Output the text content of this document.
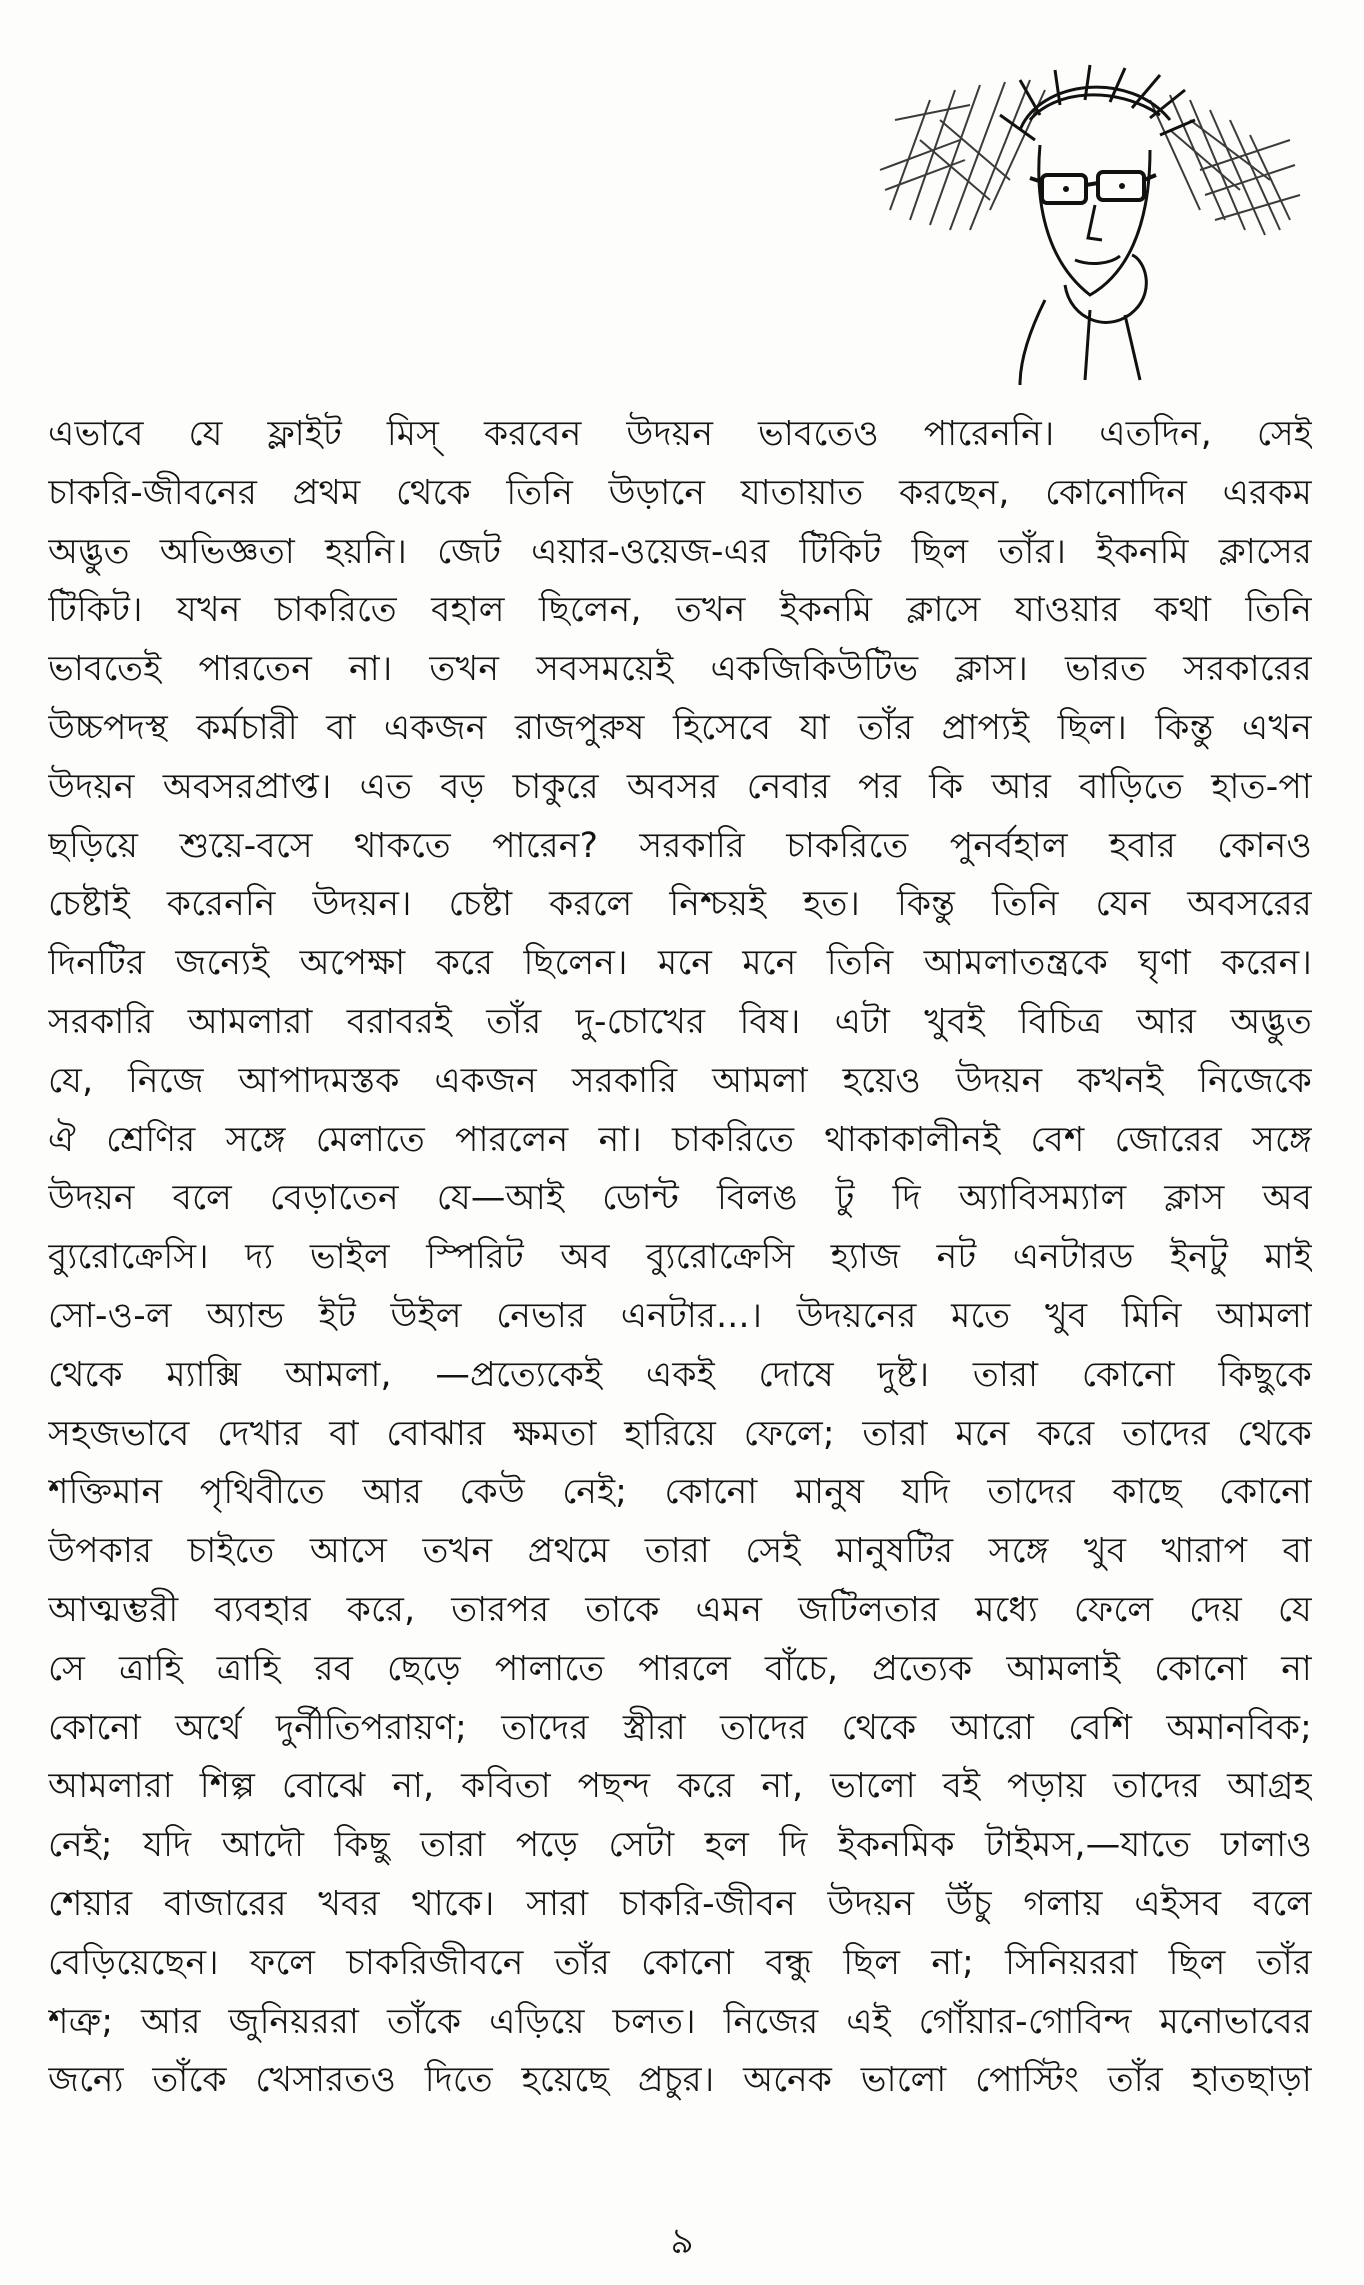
এভাবে যে ফ্লাইট মিস্ করবেন উদয়ন ভাবতেও পারেননি। এতদিন, সেই
চাকরি-জীবনের প্রথম থেকে তিনি উড়ানে যাতায়াত করছেন, কোনোদিন এরকম
অদ্ভুত অভিজ্ঞতা হয়নি। জেট এয়ার-ওয়েজ-এর টিকিট ছিল তাঁর। ইকনমি ক্লাসের
টিকিট। যখন চাকরিতে বহাল ছিলেন, তখন ইকনমি ক্লাসে যাওয়ার কথা তিনি
ভাবতেই পারতেন না। তখন সবসময়েই একজিকিউটিভ ক্লাস। ভারত সরকারের
উচ্চপদস্থ কর্মচারী বা একজন রাজপুরুষ হিসেবে যা তাঁর প্রাপ্যই ছিল। কিন্তু এখন
উদয়ন অবসরপ্রাপ্ত। এত বড় চাকুরে অবসর নেবার পর কি আর বাড়িতে হাত-পা
ছড়িয়ে শুয়ে-বসে থাকতে পারেন? সরকারি চাকরিতে পুনর্বহাল হবার কোনও
চেষ্টাই করেননি উদয়ন। চেষ্টা করলে নিশ্চয়ই হত। কিন্তু তিনি যেন অবসরের
দিনটির জন্যেই অপেক্ষা করে ছিলেন। মনে মনে তিনি আমলাতন্ত্রকে ঘৃণা করেন।
সরকারি আমলারা বরাবরই তাঁর দু-চোখের বিষ। এটা খুবই বিচিত্র আর অদ্ভুত
যে, নিজে আপাদমস্তক একজন সরকারি আমলা হয়েও উদয়ন কখনই নিজেকে
ঐ শ্রেণির সঙ্গে মেলাতে পারলেন না। চাকরিতে থাকাকালীনই বেশ জোরের সঙ্গে
উদয়ন বলে বেড়াতেন যে—আই ডোন্ট বিলঙ টু দি অ্যাবিসম্যাল ক্লাস অব
ব্যুরোক্রেসি। দ্য ভাইল স্পিরিট অব ব্যুরোক্রেসি হ্যাজ নট এনটারড ইনটু মাই
সো-ও-ল অ্যান্ড ইট উইল নেভার এনটার...। উদয়নের মতে খুব মিনি আমলা
থেকে ম্যাক্সি আমলা, —প্রত্যেকেই একই দোষে দুষ্ট। তারা কোনো কিছুকে
সহজভাবে দেখার বা বোঝার ক্ষমতা হারিয়ে ফেলে; তারা মনে করে তাদের থেকে
শক্তিমান পৃথিবীতে আর কেউ নেই; কোনো মানুষ যদি তাদের কাছে কোনো
উপকার চাইতে আসে তখন প্রথমে তারা সেই মানুষটির সঙ্গে খুব খারাপ বা
আত্মম্ভরী ব্যবহার করে, তারপর তাকে এমন জটিলতার মধ্যে ফেলে দেয় যে
সে ত্রাহি ত্রাহি রব ছেড়ে পালাতে পারলে বাঁচে, প্রত্যেক আমলাই কোনো না
কোনো অর্থে দুর্নীতিপরায়ণ; তাদের স্ত্রীরা তাদের থেকে আরো বেশি অমানবিক;
আমলারা শিল্প বোঝে না, কবিতা পছন্দ করে না, ভালো বই পড়ায় তাদের আগ্রহ
নেই; যদি আদৌ কিছু তারা পড়ে সেটা হল দি ইকনমিক টাইমস,—যাতে ঢালাও
শেয়ার বাজারের খবর থাকে। সারা চাকরি-জীবন উদয়ন উঁচু গলায় এইসব বলে
বেড়িয়েছেন। ফলে চাকরিজীবনে তাঁর কোনো বন্ধু ছিল না; সিনিয়ররা ছিল তাঁর
শত্রু; আর জুনিয়ররা তাঁকে এড়িয়ে চলত। নিজের এই গোঁয়ার-গোবিন্দ মনোভাবের
জন্যে তাঁকে খেসারতও দিতে হয়েছে প্রচুর। অনেক ভালো পোস্টিং তাঁর হাতছাড়া
৯
